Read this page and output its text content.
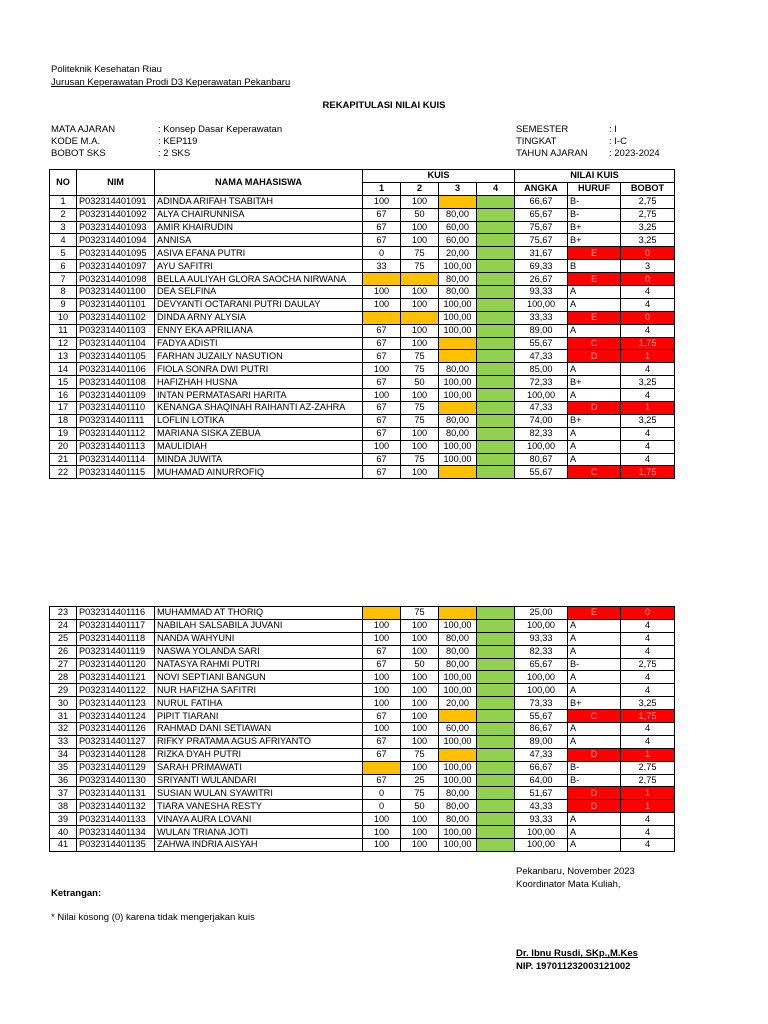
Politeknik Kesehatan Riau
Jurusan Keperawatan Prodi D3 Keperawatan Pekanbaru
REKAPITULASI NILAI KUIS
MATA AJARAN	: Konsep Dasar Keperawatan
KODE M.A.	: KEP119
BOBOT SKS	: 2 SKS
SEMESTER	: I
TINGKAT	: I-C
TAHUN AJARAN : 2023-2024
NO	NIM	NAMA MAHASISWA	KUIS				NILAI KUIS		
			1	2	3	4	ANGKA	HURUF	BOBOT
1	P032314401091	ADINDA ARIFAH TSABITAH	100	100			66,67	B-	2,75
2	P032314401092	ALYA CHAIRUNNISA	67	50	80,00		65,67	B-	2,75
3	P032314401093	AMIR KHAIRUDIN	67	100	60,00		75,67	B+	3,25
4	P032314401094	ANNISA	67	100	60,00		75,67	B+	3,25
5	P032314401095	ASIVA EFANA PUTRI	0	75	20,00		31,67	E	0
6	P032314401097	AYU SAFITRI	33	75	100,00		69,33	B	3
7	P032314401098	BELLA AULIYAH GLORA SAOCHA NIRWANA			80,00		26,67	E	0
8	P032314401100	DEA SELFINA	100	100	80,00		93,33	A	4
9	P032314401101	DEVYANTI OCTARANI PUTRI DAULAY	100	100	100,00		100,00	A	4
10	P032314401102	DINDA ARNY ALYSIA			100,00		33,33	E	0
11	P032314401103	ENNY EKA APRILIANA	67	100	100,00		89,00	A	4
12	P032314401104	FADYA ADISTI	67	100			55,67	C	1,75
13	P032314401105	FARHAN JUZAILY NASUTION	67	75			47,33	D	1
14	P032314401106	FIOLA SONRA DWI PUTRI	100	75	80,00		85,00	A	4
15	P032314401108	HAFIZHAH HUSNA	67	50	100,00		72,33	B+	3,25
16	P032314401109	INTAN PERMATASARI HARITA	100	100	100,00		100,00	A	4
17	P032314401110	KENANGA SHAQINAH RAIHANTI AZ-ZAHRA	67	75			47,33	D	1
18	P032314401111	LOFLIN LOTIKA	67	75	80,00		74,00	B+	3,25
19	P032314401112	MARIANA SISKA ZEBUA	67	100	80,00		82,33	A	4
20	P032314401113	MAULIDIAH	100	100	100,00		100,00	A	4
21	P032314401114	MINDA JUWITA	67	75	100,00		80,67	A	4
22	P032314401115	MUHAMAD AINURROFIQ	67	100			55,67	C	1,75
23	P032314401116	MUHAMMAD AT THORIQ		75			25,00	E	0
24	P032314401117	NABILAH SALSABILA JUVANI	100	100	100,00		100,00	A	4
25	P032314401118	NANDA WAHYUNI	100	100	80,00		93,33	A	4
26	P032314401119	NASWA YOLANDA SARI	67	100	80,00		82,33	A	4
27	P032314401120	NATASYA RAHMI PUTRI	67	50	80,00		65,67	B-	2,75
28	P032314401121	NOVI SEPTIANI BANGUN	100	100	100,00		100,00	A	4
29	P032314401122	NUR HAFIZHA SAFITRI	100	100	100,00		100,00	A	4
30	P032314401123	NURUL FATIHA	100	100	20,00		73,33	B+	3,25
31	P032314401124	PIPIT TIARANI	67	100			55,67	C	1,75
32	P032314401126	RAHMAD DANI SETIAWAN	100	100	60,00		86,67	A	4
33	P032314401127	RIFKY PRATAMA AGUS AFRIYANTO	67	100	100,00		89,00	A	4
34	P032314401128	RIZKA DYAH PUTRI	67	75			47,33	D	1
35	P032314401129	SARAH PRIMAWATI		100	100,00		66,67	B-	2,75
36	P032314401130	SRIYANTI WULANDARI	67	25	100,00		64,00	B-	2,75
37	P032314401131	SUSIAN WULAN SYAWITRI	0	75	80,00		51,67	D	1
38	P032314401132	TIARA VANESHA RESTY	0	50	80,00		43,33	D	1
39	P032314401133	VINAYA AURA LOVANI	100	100	80,00		93,33	A	4
40	P032314401134	WULAN TRIANA JOTI	100	100	100,00		100,00	A	4
41	P032314401135	ZAHWA INDRIA AISYAH	100	100	100,00		100,00	A	4
Pekanbaru, November 2023
Koordinator Mata Kuliah,
Ketrangan:
* Nilai kosong (0) karena tidak mengerjakan kuis
Dr. Ibnu Rusdi, SKp.,M.Kes
NIP. 197011232003121002
